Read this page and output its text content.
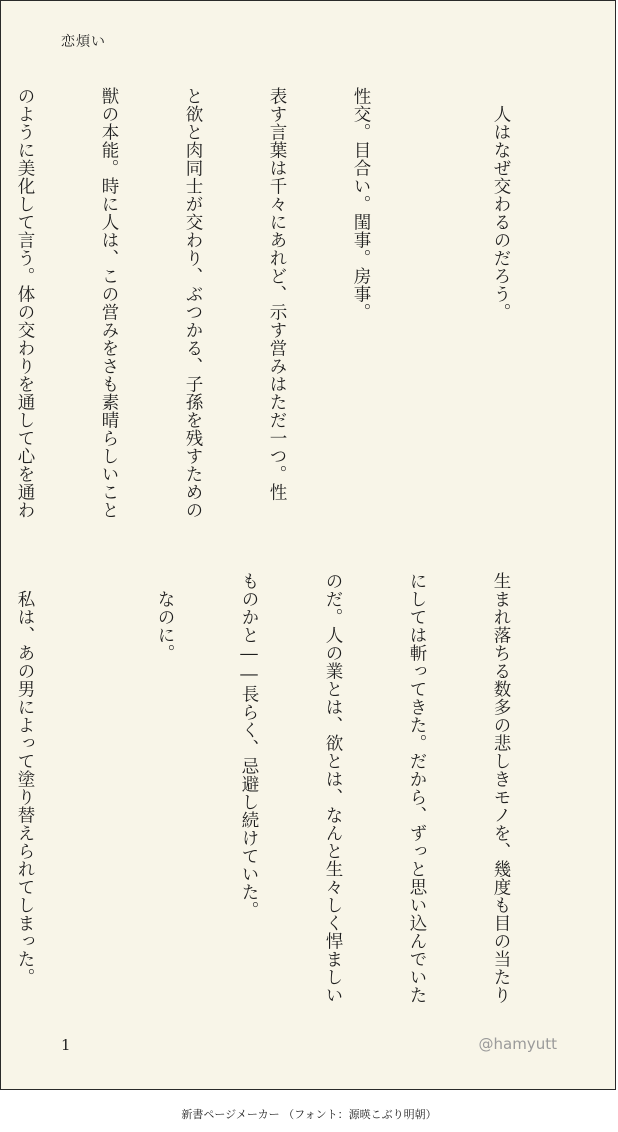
恋煩い

　人はなぜ交わるのだろう。

性交。目合い。閨事。房事。

表す言葉は千々にあれど、示す営みはただ一つ。性

と欲と肉同士が交わり、ぶつかる、子孫を残すための

獣の本能。時に人は、この営みをさも素晴らしいこと

のように美化して言う。体の交わりを通して心を通わ

生まれ落ちる数多の悲しきモノを、幾度も目の当たり

にしては斬ってきた。だから、ずっと思い込んでいた

のだ。人の業とは、欲とは、なんと生々しく悍ましい

ものかと――長らく、忌避し続けていた。

　なのに。

　私は、あの男によって塗り替えられてしまった。

1	@hamyutt
新書ページメーカー （フォント：源暎こぶり明朝）
